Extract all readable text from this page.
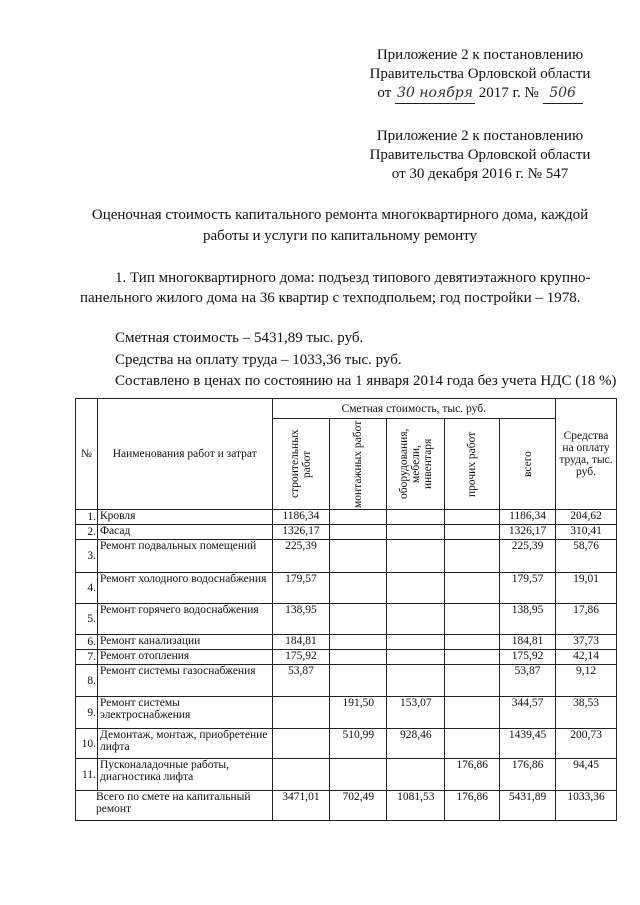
Приложение 2 к постановлению
Правительства Орловской области
от 30 ноября 2017 г. № 506
Приложение 2 к постановлению
Правительства Орловской области
от 30 декабря 2016 г. № 547
Оценочная стоимость капитального ремонта многоквартирного дома, каждой работы и услуги по капитальному ремонту
1. Тип многоквартирного дома: подъезд типового девятиэтажного крупно-панельного жилого дома на 36 квартир с техподпольем; год постройки – 1978.
Сметная стоимость – 5431,89 тыс. руб.
Средства на оплату труда – 1033,36 тыс. руб.
Составлено в ценах по состоянию на 1 января 2014 года без учета НДС (18 %)
№	Наименования работ и затрат	Сметная стоимость, тыс. руб.					Средства на оплату труда, тыс. руб.

		строительных работ	монтажных работ	оборудования, мебели, инвентаря	прочих работ	всего	

1.	Кровля	1186,34				1186,34	204,62
2.	Фасад	1326,17				1326,17	310,41
3.	Ремонт подвальных помещений	225,39				225,39	58,76
4.	Ремонт холодного водоснабжения	179,57				179,57	19,01
5.	Ремонт горячего водоснабжения	138,95				138,95	17,86
6.	Ремонт канализации	184,81				184,81	37,73
7.	Ремонт отопления	175,92				175,92	42,14
8.	Ремонт системы газоснабжения	53,87				53,87	9,12
9.	Ремонт системы электроснабжения		191,50	153,07		344,57	38,53
10.	Демонтаж, монтаж, приобретение лифта		510,99	928,46		1439,45	200,73
11.	Пусконаладочные работы, диагностика лифта				176,86	176,86	94,45
Всего по смете на капитальный ремонт		3471,01	702,49	1081,53	176,86	5431,89	1033,36
